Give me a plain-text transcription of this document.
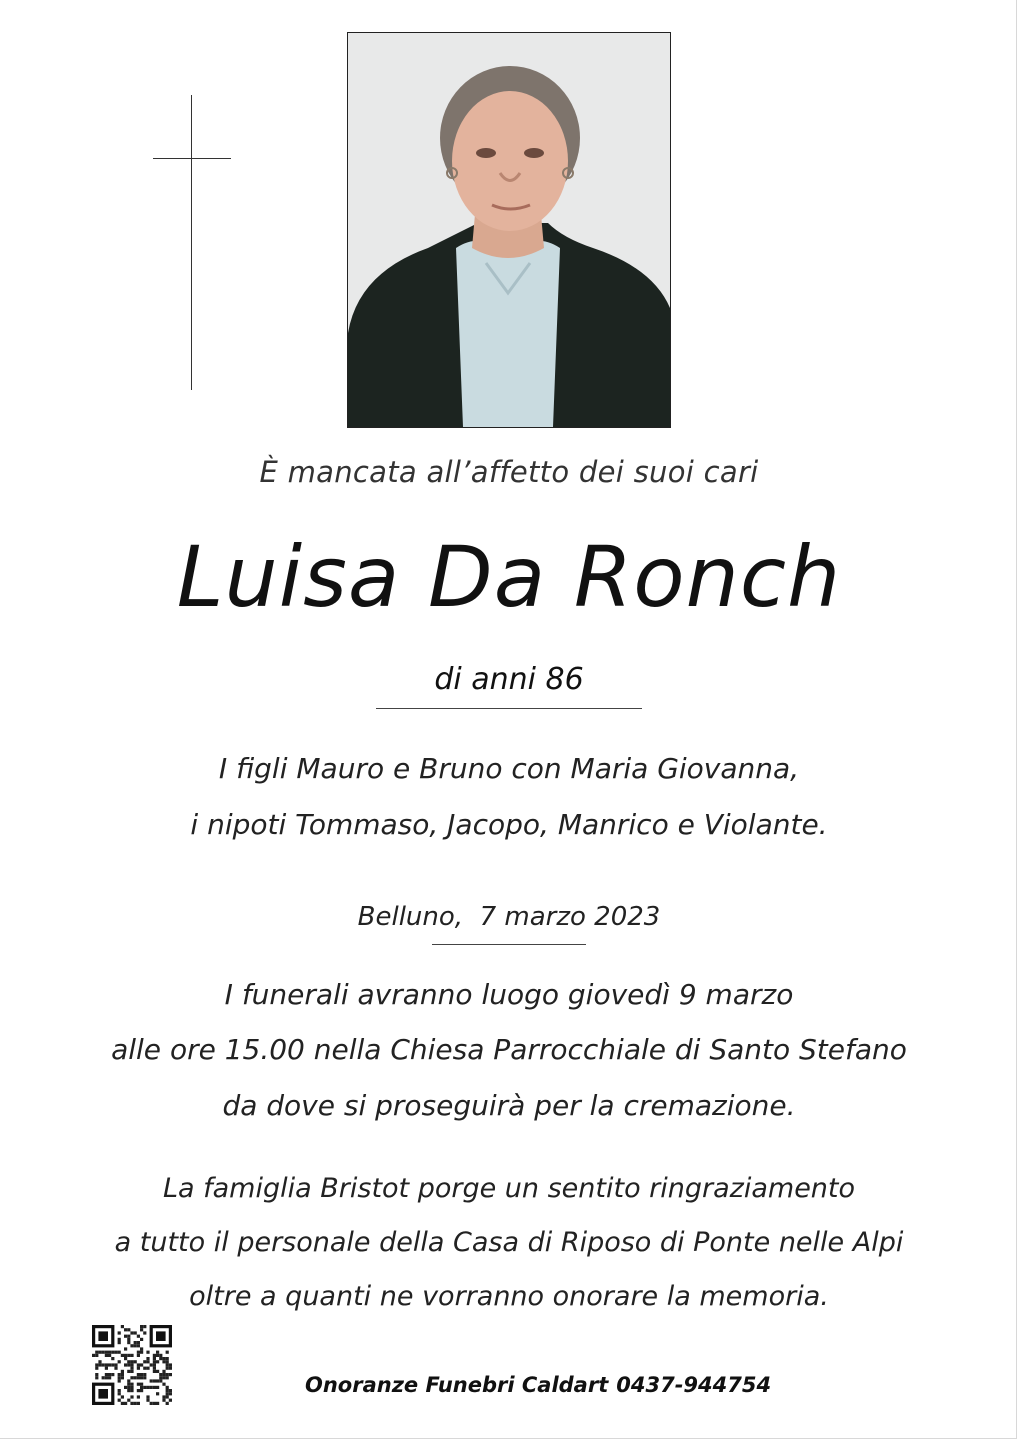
È mancata all’affetto dei suoi cari
Luisa Da Ronch
di anni 86
I figli Mauro e Bruno con Maria Giovanna,
i nipoti Tommaso, Jacopo, Manrico e Violante.
Belluno,  7 marzo 2023
I funerali avranno luogo giovedì 9 marzo
alle ore 15.00 nella Chiesa Parrocchiale di Santo Stefano
da dove si proseguirà per la cremazione.
La famiglia Bristot porge un sentito ringraziamento
a tutto il personale della Casa di Riposo di Ponte nelle Alpi
oltre a quanti ne vorranno onorare la memoria.
Onoranze Funebri Caldart 0437-944754
